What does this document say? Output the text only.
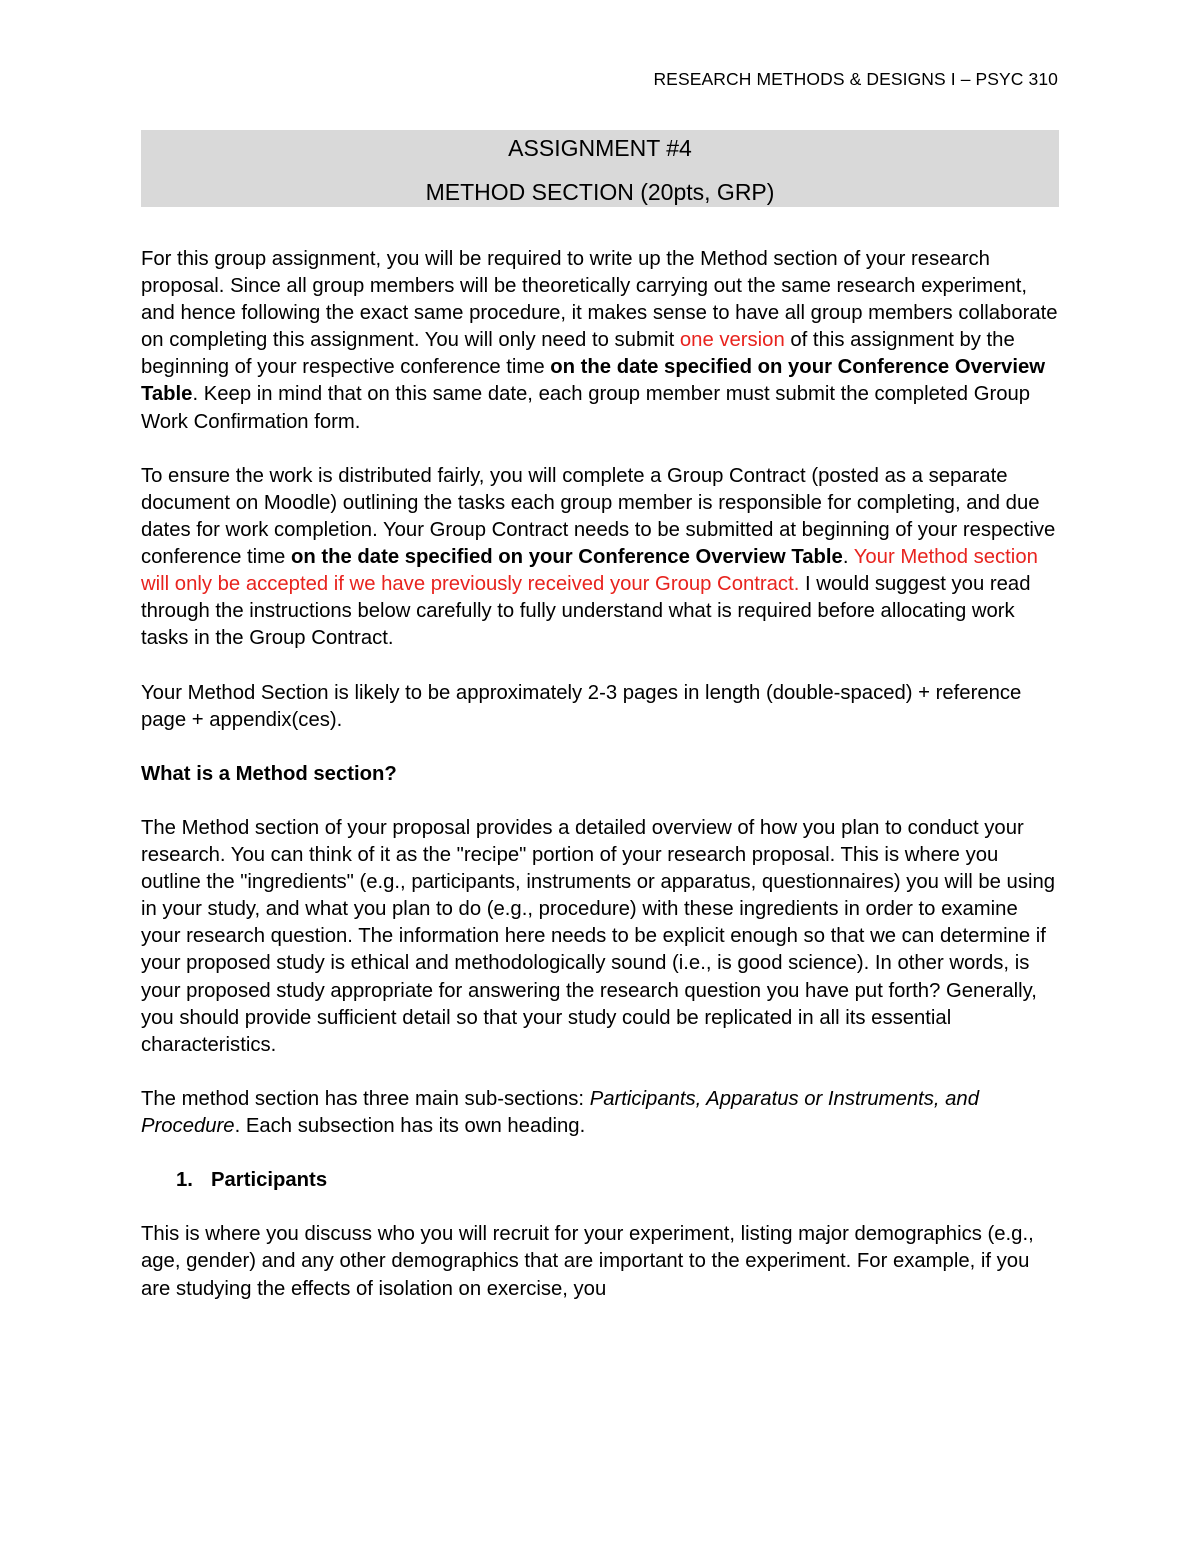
RESEARCH METHODS & DESIGNS I – PSYC 310
ASSIGNMENT #4
METHOD SECTION (20pts, GRP)

For this group assignment, you will be required to write up the Method section of your research proposal. Since all group members will be theoretically carrying out the same research experiment, and hence following the exact same procedure, it makes sense to have all group members collaborate on completing this assignment. You will only need to submit one version of this assignment by the beginning of your respective conference time on the date specified on your Conference Overview Table. Keep in mind that on this same date, each group member must submit the completed Group Work Confirmation form.

To ensure the work is distributed fairly, you will complete a Group Contract (posted as a separate document on Moodle) outlining the tasks each group member is responsible for completing, and due dates for work completion. Your Group Contract needs to be submitted at beginning of your respective conference time on the date specified on your Conference Overview Table. Your Method section will only be accepted if we have previously received your Group Contract. I would suggest you read through the instructions below carefully to fully understand what is required before allocating work tasks in the Group Contract.

Your Method Section is likely to be approximately 2-3 pages in length (double-spaced) + reference page + appendix(ces).

What is a Method section?

The Method section of your proposal provides a detailed overview of how you plan to conduct your research. You can think of it as the "recipe" portion of your research proposal. This is where you outline the "ingredients" (e.g., participants, instruments or apparatus, questionnaires) you will be using in your study, and what you plan to do (e.g., procedure) with these ingredients in order to examine your research question. The information here needs to be explicit enough so that we can determine if your proposed study is ethical and methodologically sound (i.e., is good science). In other words, is your proposed study appropriate for answering the research question you have put forth? Generally, you should provide sufficient detail so that your study could be replicated in all its essential characteristics.

The method section has three main sub-sections: Participants, Apparatus or Instruments, and Procedure. Each subsection has its own heading.

1. Participants

This is where you discuss who you will recruit for your experiment, listing major demographics (e.g., age, gender) and any other demographics that are important to the experiment. For example, if you are studying the effects of isolation on exercise, you
